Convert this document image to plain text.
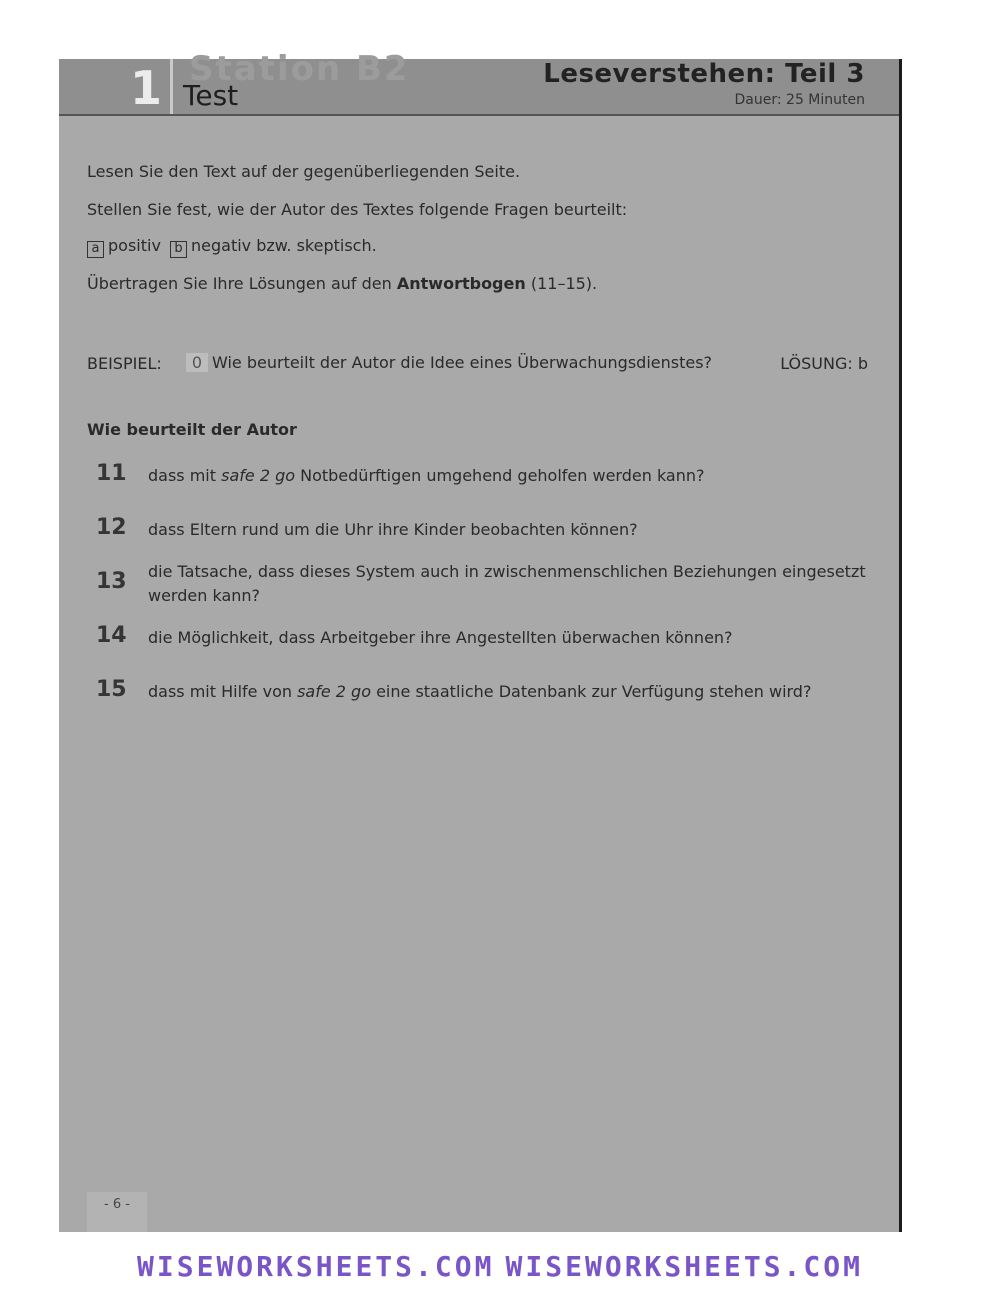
Station B2
1 Test
Leseverstehen: Teil 3
Dauer: 25 Minuten
Lesen Sie den Text auf der gegenüberliegenden Seite.
Stellen Sie fest, wie der Autor des Textes folgende Fragen beurteilt:
a positiv b negativ bzw. skeptisch.
Übertragen Sie Ihre Lösungen auf den Antwortbogen (11–15).
BEISPIEL:	0 Wie beurteilt der Autor die Idee eines Überwachungsdienstes?	LÖSUNG: b
Wie beurteilt der Autor
11 dass mit safe 2 go Notbedürftigen umgehend geholfen werden kann?
12 dass Eltern rund um die Uhr ihre Kinder beobachten können?
13 die Tatsache, dass dieses System auch in zwischenmenschlichen Beziehungen eingesetzt
werden kann?
14 die Möglichkeit, dass Arbeitgeber ihre Angestellten überwachen können?
15 dass mit Hilfe von safe 2 go eine staatliche Datenbank zur Verfügung stehen wird?
- 6 -
WISEWORKSHEETS.COM WISEWORKSHEETS.COM
